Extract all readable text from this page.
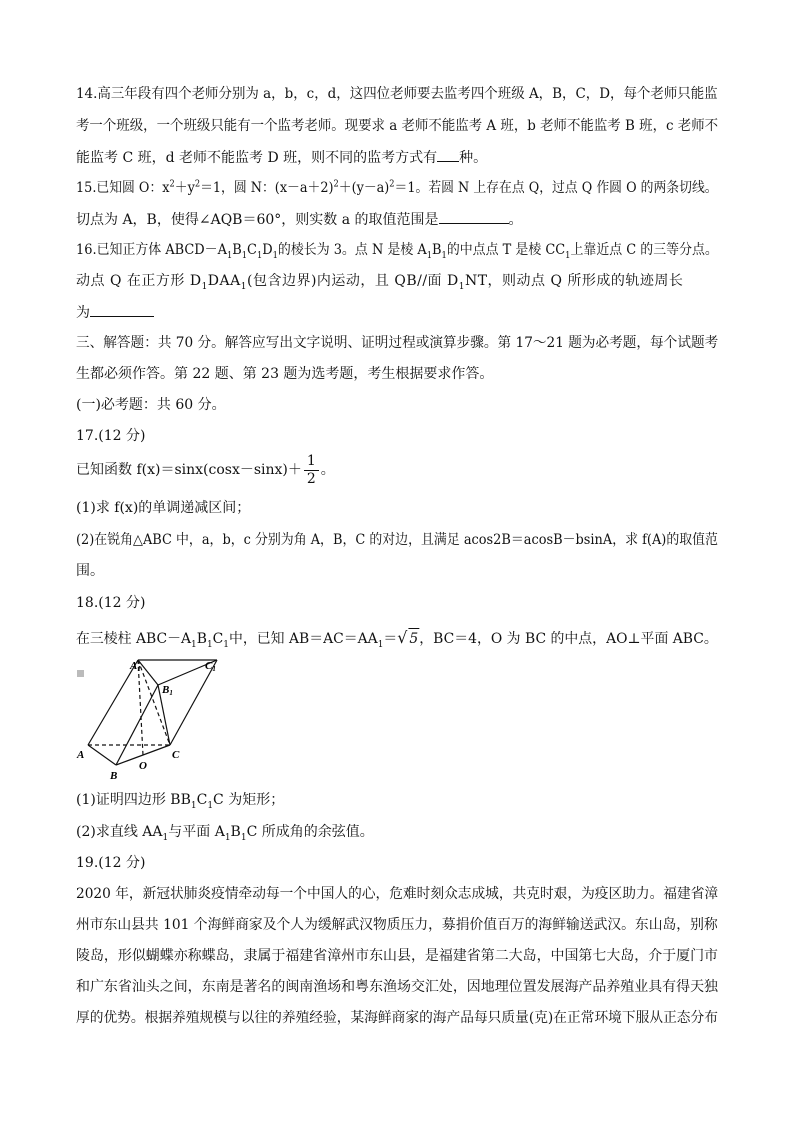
14.高三年段有四个老师分别为 a，b，c，d，这四位老师要去监考四个班级 A，B，C，D，每个老师只能监
考一个班级，一个班级只能有一个监考老师。现要求 a 老师不能监考 A 班，b 老师不能监考 B 班，c 老师不
能监考 C 班，d 老师不能监考 D 班，则不同的监考方式有 种。
15.已知圆 O：$x^2+y^2=1$，圆 N：$(x-a+2)^2+(y-a)^2=1$。若圆 N 上存在点 Q，过点 Q 作圆 O 的两条切线。
切点为 A，B，使得∠AQB＝60°，则实数 a 的取值范围是	。
16.已知正方体 $ABCD-A_1B_1C_1D_1$的棱长为 3。点 N 是棱 $A_1B_1$的中点点 T 是棱 $CC_1$上靠近点 C 的三等分点。
动点 Q 在正方形 $D_1DAA_1$(包含边界)内运动，且 QB//面 $D_1NT$，则动点 Q 所形成的轨迹周长
为
三、解答题：共 70 分。解答应写出文字说明、证明过程或演算步骤。第 17～21 题为必考题，每个试题考
生都必须作答。第 22 题、第 23 题为选考题，考生根据要求作答。
(一)必考题：共 60 分。
17.(12 分)
已知函数 $f(x)=\sin x(\cos x-\sin x)+ \frac{1}{2}$ 。
(1)求 f(x)的单调递减区间；
(2)在锐角△ABC 中，a，b，c 分别为角 A，B，C 的对边，且满足 acos2B＝acosB－bsinA，求 f(A)的取值范
围。
18.(12 分)
在三棱柱 $ABC-A_1B_1C_1$中，已知 $AB=AC=AA_1=√$ 5，BC＝4，O 为 BC 的中点，AO⊥平面 ABC。
A1	C1
B1
A
B
C
O
(1)证明四边形 $BB_1C_1C$ 为矩形；
(2)求直线 $AA_1$与平面 $A_1B_1C$ 所成角的余弦值。
19.(12 分)
2020 年，新冠状肺炎疫情牵动每一个中国人的心，危难时刻众志成城，共克时艰，为疫区助力。福建省漳
州市东山县共 101 个海鲜商家及个人为缓解武汉物质压力，募捐价值百万的海鲜输送武汉。东山岛，别称
陵岛，形似蝴蝶亦称蝶岛，隶属于福建省漳州市东山县，是福建省第二大岛，中国第七大岛，介于厦门市
和广东省汕头之间，东南是著名的闽南渔场和粤东渔场交汇处，因地理位置发展海产品养殖业具有得天独
厚的优势。根据养殖规模与以往的养殖经验，某海鲜商家的海产品每只质量(克)在正常环境下服从正态分布
